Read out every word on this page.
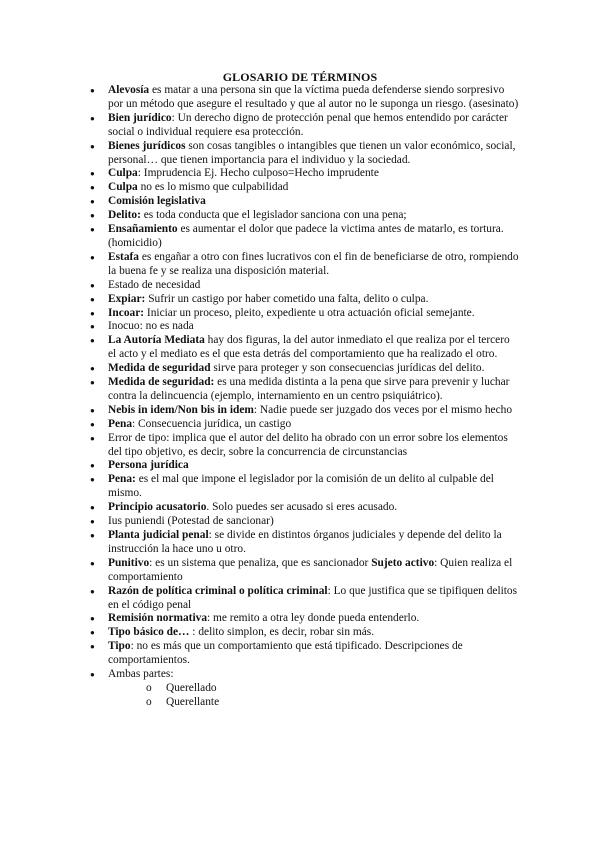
GLOSARIO DE TÉRMINOS
● Alevosía es matar a una persona sin que la víctima pueda defenderse siendo sorpresivo por un método que asegure el resultado y que al autor no le suponga un riesgo. (asesinato)
● Bien jurídico: Un derecho digno de protección penal que hemos entendido por carácter social o individual requiere esa protección.
● Bienes jurídicos son cosas tangibles o intangibles que tienen un valor económico, social, personal… que tienen importancia para el individuo y la sociedad.
● Culpa: Imprudencia Ej. Hecho culposo=Hecho imprudente
● Culpa no es lo mismo que culpabilidad
● Comisión legislativa
● Delito: es toda conducta que el legislador sanciona con una pena;
● Ensañamiento es aumentar el dolor que padece la victima antes de matarlo, es tortura. (homicidio)
● Estafa es engañar a otro con fines lucrativos con el fin de beneficiarse de otro, rompiendo la buena fe y se realiza una disposición material.
● Estado de necesidad
● Expiar: Sufrir un castigo por haber cometido una falta, delito o culpa.
● Incoar: Iniciar un proceso, pleito, expediente u otra actuación oficial semejante.
● Inocuo: no es nada
● La Autoría Mediata hay dos figuras, la del autor inmediato el que realiza por el tercero el acto y el mediato es el que esta detrás del comportamiento que ha realizado el otro.
● Medida de seguridad sirve para proteger y son consecuencias jurídicas del delito.
● Medida de seguridad: es una medida distinta a la pena que sirve para prevenir y luchar contra la delincuencia (ejemplo, internamiento en un centro psiquiátrico).
● Nebis in idem/Non bis in idem: Nadie puede ser juzgado dos veces por el mismo hecho
● Pena: Consecuencia jurídica, un castigo
● Error de tipo: implica que el autor del delito ha obrado con un error sobre los elementos del tipo objetivo, es decir, sobre la concurrencia de circunstancias
● Persona jurídica
● Pena: es el mal que impone el legislador por la comisión de un delito al culpable del mismo.
● Principio acusatorio. Solo puedes ser acusado si eres acusado.
● Ius puniendi (Potestad de sancionar)
● Planta judicial penal: se divide en distintos órganos judiciales y depende del delito la instrucción la hace uno u otro.
● Punitivo: es un sistema que penaliza, que es sancionador Sujeto activo: Quien realiza el comportamiento
● Razón de política criminal o política criminal: Lo que justifica que se tipifiquen delitos en el código penal
● Remisión normativa: me remito a otra ley donde pueda entenderlo.
● Tipo básico de… : delito simplon, es decir, robar sin más.
● Tipo: no es más que un comportamiento que está tipificado. Descripciones de comportamientos.
● Ambas partes:
o Querellado
o Querellante
